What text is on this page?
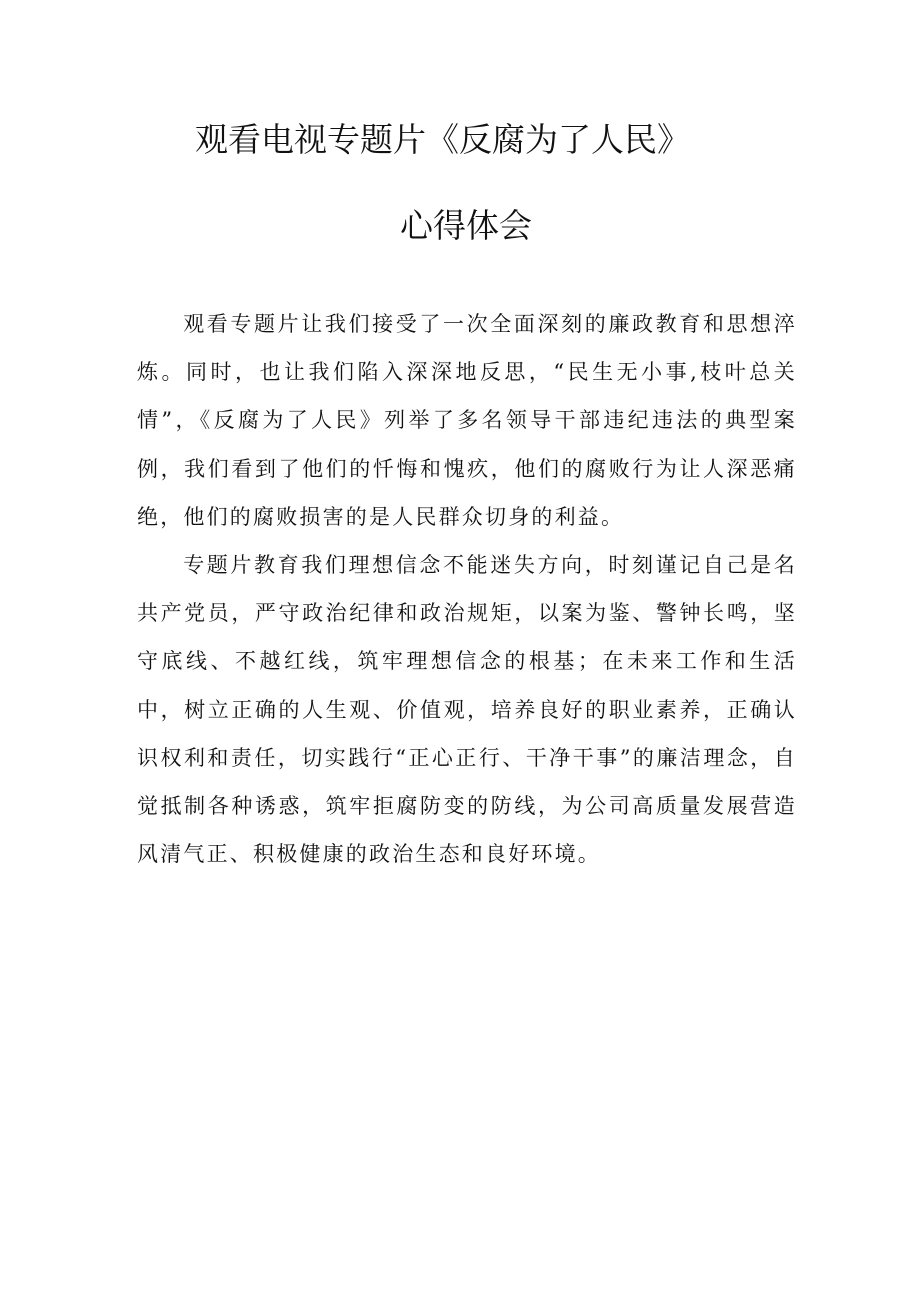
观看电视专题片《反腐为了人民》
心得体会

观看专题片让我们接受了一次全面深刻的廉政教育和思想淬炼。同时，也让我们陷入深深地反思，“民生无小事,枝叶总关情”，《反腐为了人民》列举了多名领导干部违纪违法的典型案例，我们看到了他们的忏悔和愧疚，他们的腐败行为让人深恶痛绝，他们的腐败损害的是人民群众切身的利益。

专题片教育我们理想信念不能迷失方向，时刻谨记自己是名共产党员，严守政治纪律和政治规矩，以案为鉴、警钟长鸣，坚守底线、不越红线，筑牢理想信念的根基；在未来工作和生活中，树立正确的人生观、价值观，培养良好的职业素养，正确认识权利和责任，切实践行“正心正行、干净干事”的廉洁理念，自觉抵制各种诱惑，筑牢拒腐防变的防线，为公司高质量发展营造风清气正、积极健康的政治生态和良好环境。
